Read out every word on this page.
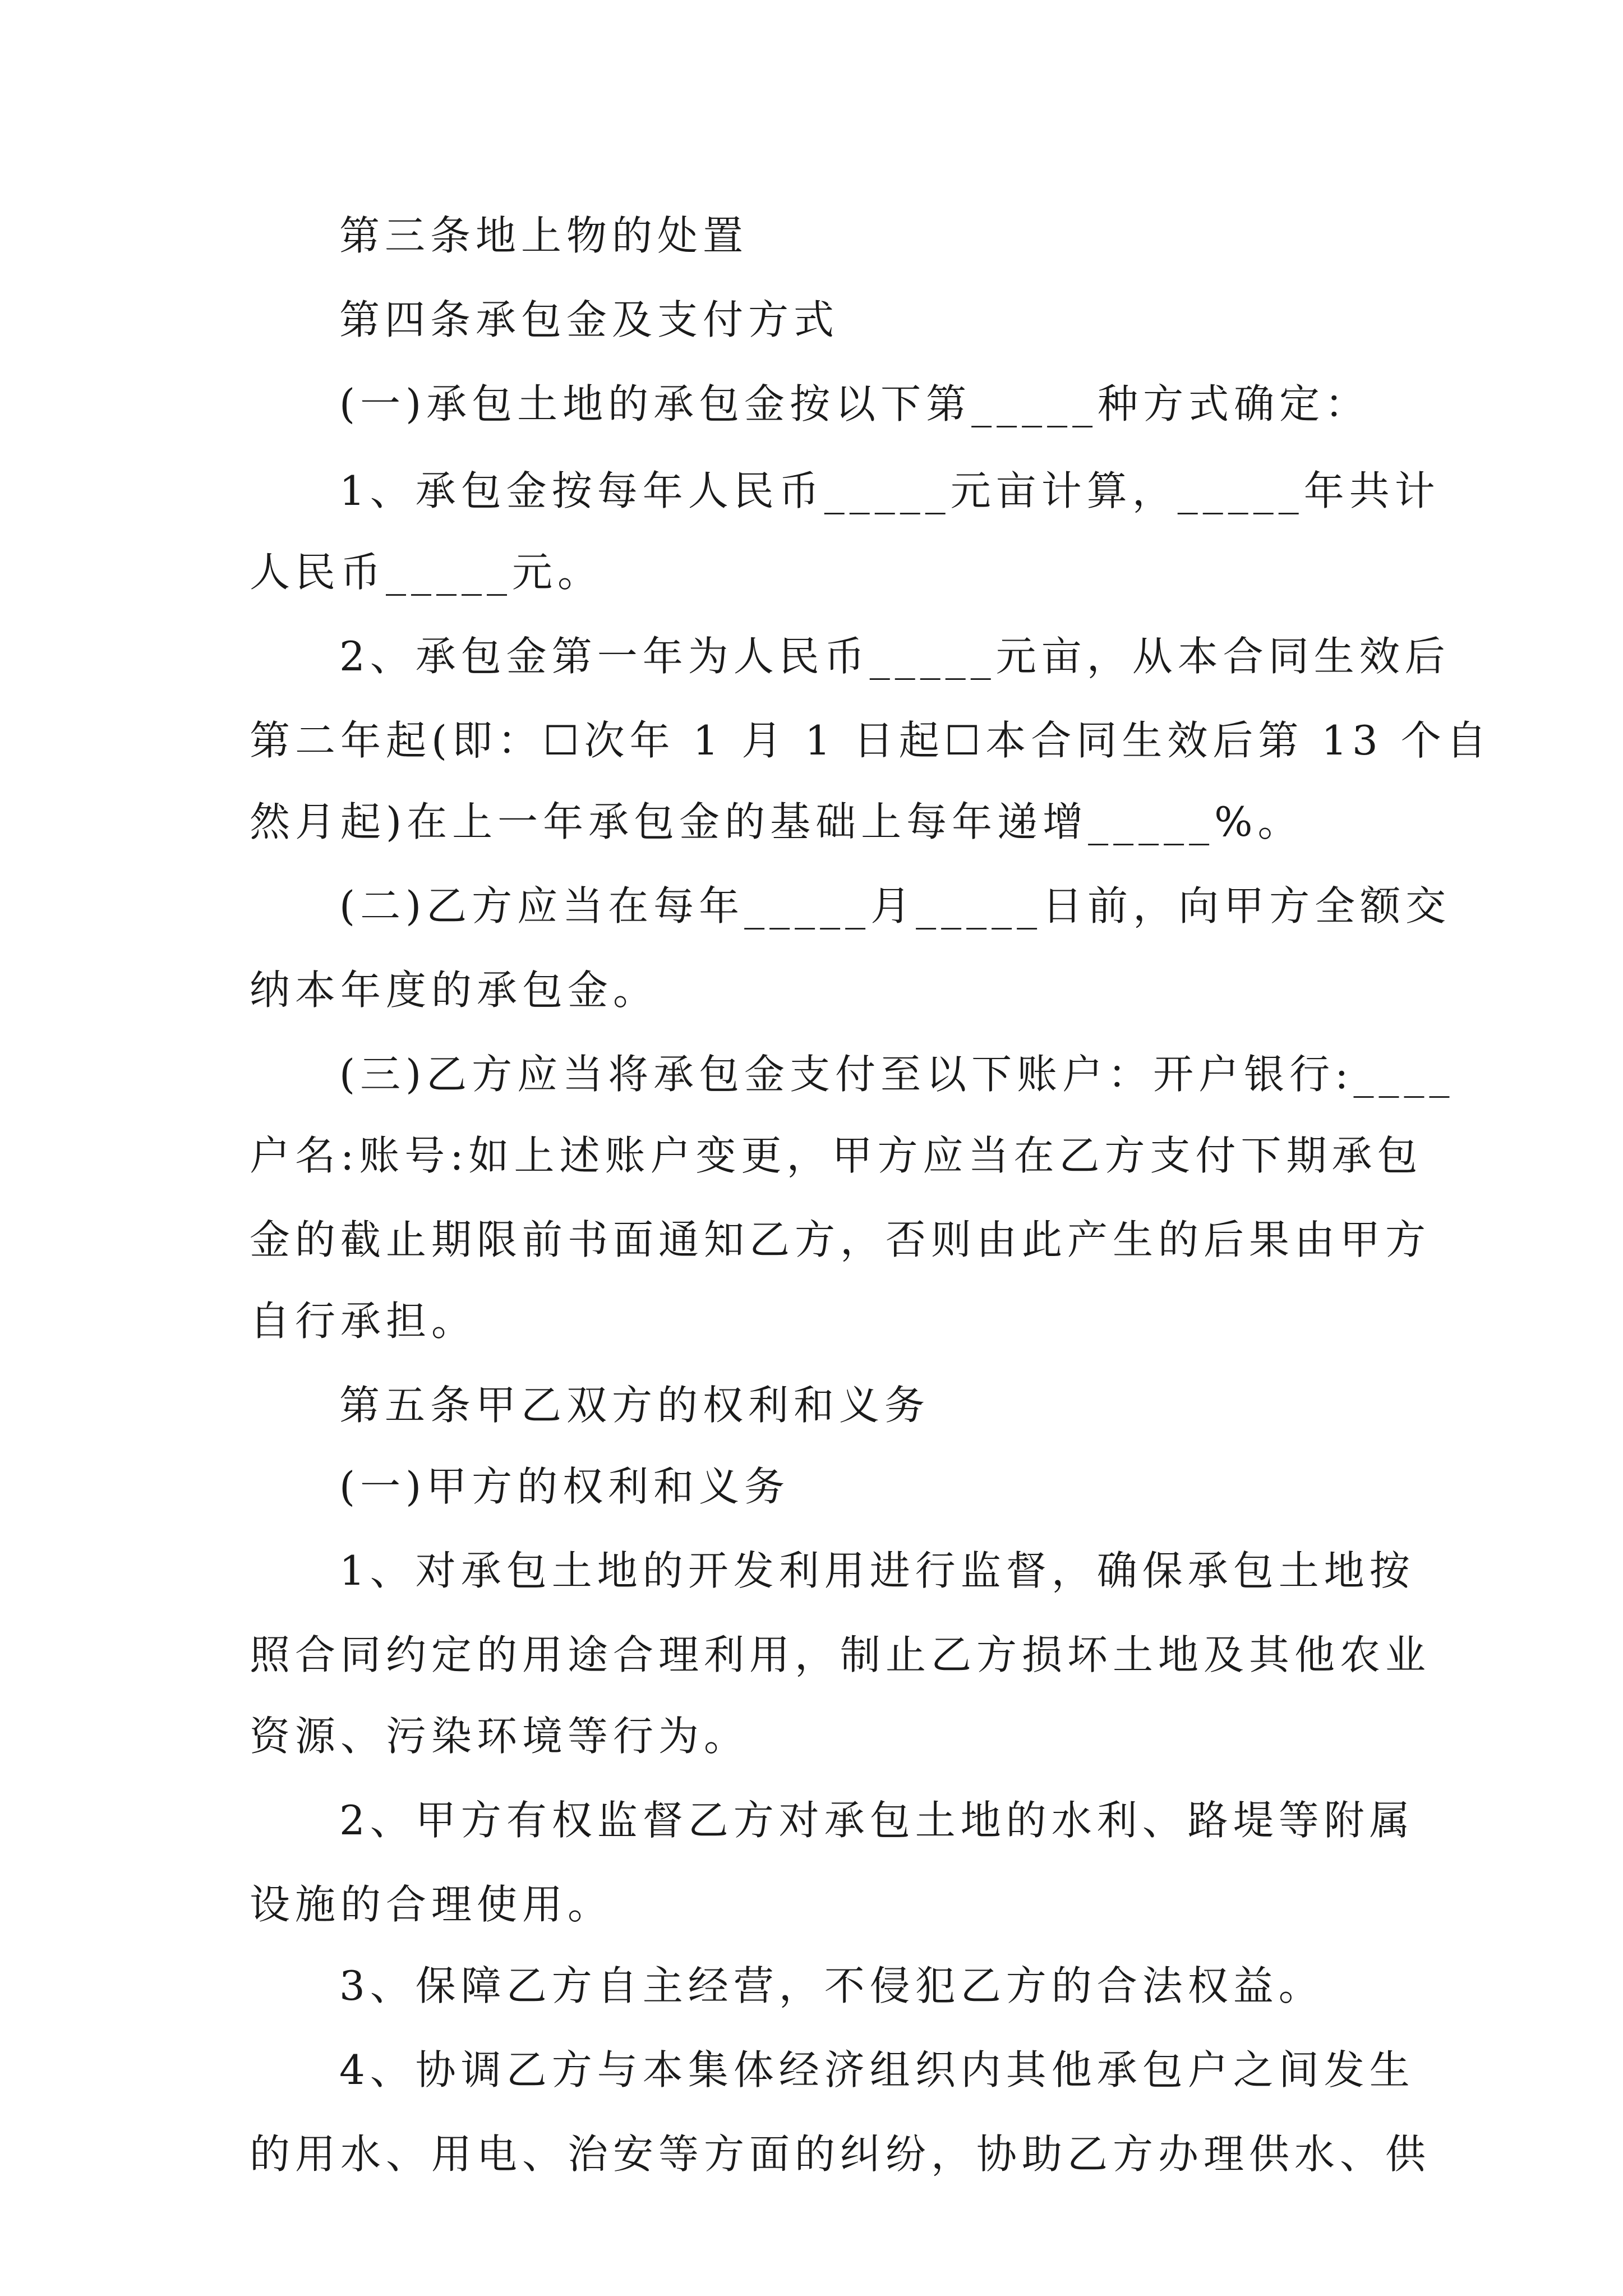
第三条地上物的处置
第四条承包金及支付方式
(一)承包土地的承包金按以下第_____种方式确定：
1、承包金按每年人民币_____元亩计算，_____年共计
人民币_____元。
2、承包金第一年为人民币_____元亩，从本合同生效后
第二年起(即：☐次年 1 月 1 日起☐本合同生效后第 13 个自
然月起)在上一年承包金的基础上每年递增_____%。
(二)乙方应当在每年_____月_____日前，向甲方全额交
纳本年度的承包金。
(三)乙方应当将承包金支付至以下账户：开户银行:____
户名:账号:如上述账户变更，甲方应当在乙方支付下期承包
金的截止期限前书面通知乙方，否则由此产生的后果由甲方
自行承担。
第五条甲乙双方的权利和义务
(一)甲方的权利和义务
1、对承包土地的开发利用进行监督，确保承包土地按
照合同约定的用途合理利用，制止乙方损坏土地及其他农业
资源、污染环境等行为。
2、甲方有权监督乙方对承包土地的水利、路堤等附属
设施的合理使用。
3、保障乙方自主经营，不侵犯乙方的合法权益。
4、协调乙方与本集体经济组织内其他承包户之间发生
的用水、用电、治安等方面的纠纷，协助乙方办理供水、供
